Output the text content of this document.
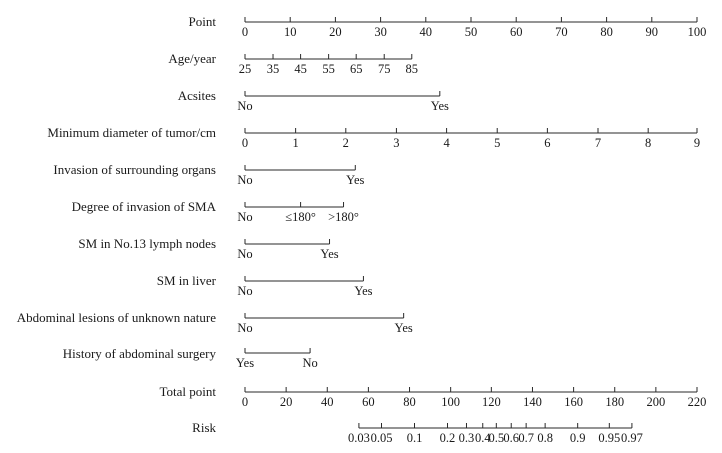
Point
0	10	20	30	40	50	60	70	80	90 100
Age/year
25 35 45 55 65 75 85
Acsites
No	Yes
Minimum diameter of tumor/cm
0	1	2	3	4	5	6	7	8	9
Invasion of surrounding organs
No	Yes
Degree of invasion of SMA
No	≤180° >180°
SM in No.13 lymph nodes
No	Yes
SM in liver
No	Yes
Abdominal lesions of unknown nature
No	Yes
History of abdominal surgery
Yes	No
Total point
0	20 40 60 80 100 120 140 160 180 200 220
Risk
0.03 0.05 0.1 0.2 0.3 0.4
0.5 0.6 0.7 0.8 0.9 0.95 0.97
